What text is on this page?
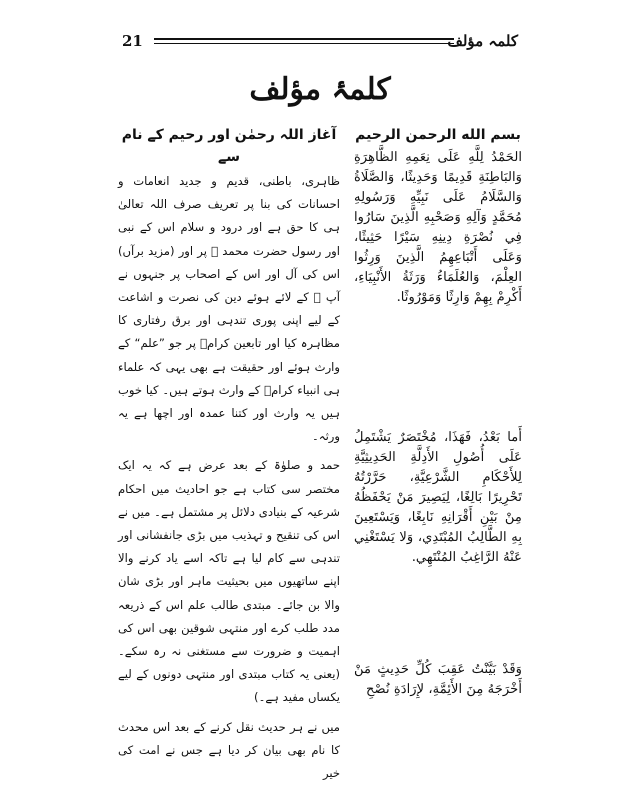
21	کلمہ مؤلف
کلمۂ مؤلف
بسم الله الرحمن الرحيم

الحَمْدُ لِلَّهِ عَلَى نِعَمِهِ الظَّاهِرَةِ وَالبَاطِنَةِ قَدِيمًا وَحَدِيثًا، وَالصَّلَاةُ وَالسَّلَامُ عَلَى نَبِيِّهِ وَرَسُولِهِ مُحَمَّدٍ وَآلِهِ وَصَحْبِهِ الَّذِينَ سَارُوا فِي نُصْرَةِ دِينِهِ سَيْرًا حَثِيثًا، وَعَلَى أَتْبَاعِهِمُ الَّذِينَ وَرِثُوا العِلْمَ، وَالعُلَمَاءُ وَرَثَةُ الأَنْبِيَاءِ، أَكْرِمْ بِهِمْ وَارِثًا وَمَوْرُوثًا.

أَما بَعْدُ، فَهَذَا، مُخْتَصَرٌ يَشْتَمِلُ عَلَى أُصُولِ الأَدِلَّةِ الحَدِيثِيَّةِ لِلأَحْكَامِ الشَّرْعِيَّةِ، حَرَّرْتُهُ تَحْرِيرًا بَالِغًا، لِيَصِيرَ مَنْ يَحْفَظُهُ مِنْ بَيْنِ أَقْرَانِهِ نَابِغًا، وَيَسْتَعِينَ بِهِ الطَّالِبُ المُبْتَدِي، وَلا يَسْتَغْنِي عَنْهُ الرَّاغِبُ المُنْتَهِي.

وَقَدْ بَيَّنْتُ عَقِبَ كُلِّ حَدِيثٍ مَنْ أَخْرَجَهُ مِنَ الأَئِمَّةِ، لإِرَادَةِ نُصْحِ

آغاز اللہ رحمٰن اور رحیم کے نام سے

ظاہری، باطنی، قدیم و جدید انعامات و احسانات کی بنا پر تعریف صرف اللہ تعالیٰ ہی کا حق ہے اور درود و سلام اس کے نبی اور رسول حضرت محمد ﷺ پر اور (مزید برآں) اس کی آل اور اس کے اصحاب پر جنہوں نے آپ ﷺ کے لائے ہوئے دین کی نصرت و اشاعت کے لیے اپنی پوری تندہی اور برق رفتاری کا مظاہرہ کیا اور تابعین کرامؒ پر جو ”علم“ کے وارث ہوئے اور حقیقت ہے بھی یہی کہ علماء ہی انبیاء کرامؑ کے وارث ہوتے ہیں۔ کیا خوب ہیں یہ وارث اور کتنا عمدہ اور اچھا ہے یہ ورثہ۔

حمد و صلوٰۃ کے بعد عرض ہے کہ یہ ایک مختصر سی کتاب ہے جو احادیث میں احکام شرعیہ کے بنیادی دلائل پر مشتمل ہے۔ میں نے اس کی تنقیح و تہذیب میں بڑی جانفشانی اور تندہی سے کام لیا ہے تاکہ اسے یاد کرنے والا اپنے ساتھیوں میں بحیثیت ماہر اور بڑی شان والا بن جائے۔ مبتدی طالب علم اس کے ذریعہ مدد طلب کرے اور منتہی شوقین بھی اس کی اہمیت و ضرورت سے مستغنی نہ رہ سکے۔ (یعنی یہ کتاب مبتدی اور منتہی دونوں کے لیے یکساں مفید ہے۔)

میں نے ہر حدیث نقل کرنے کے بعد اس محدث کا نام بھی بیان کر دیا ہے جس نے امت کی خیر
